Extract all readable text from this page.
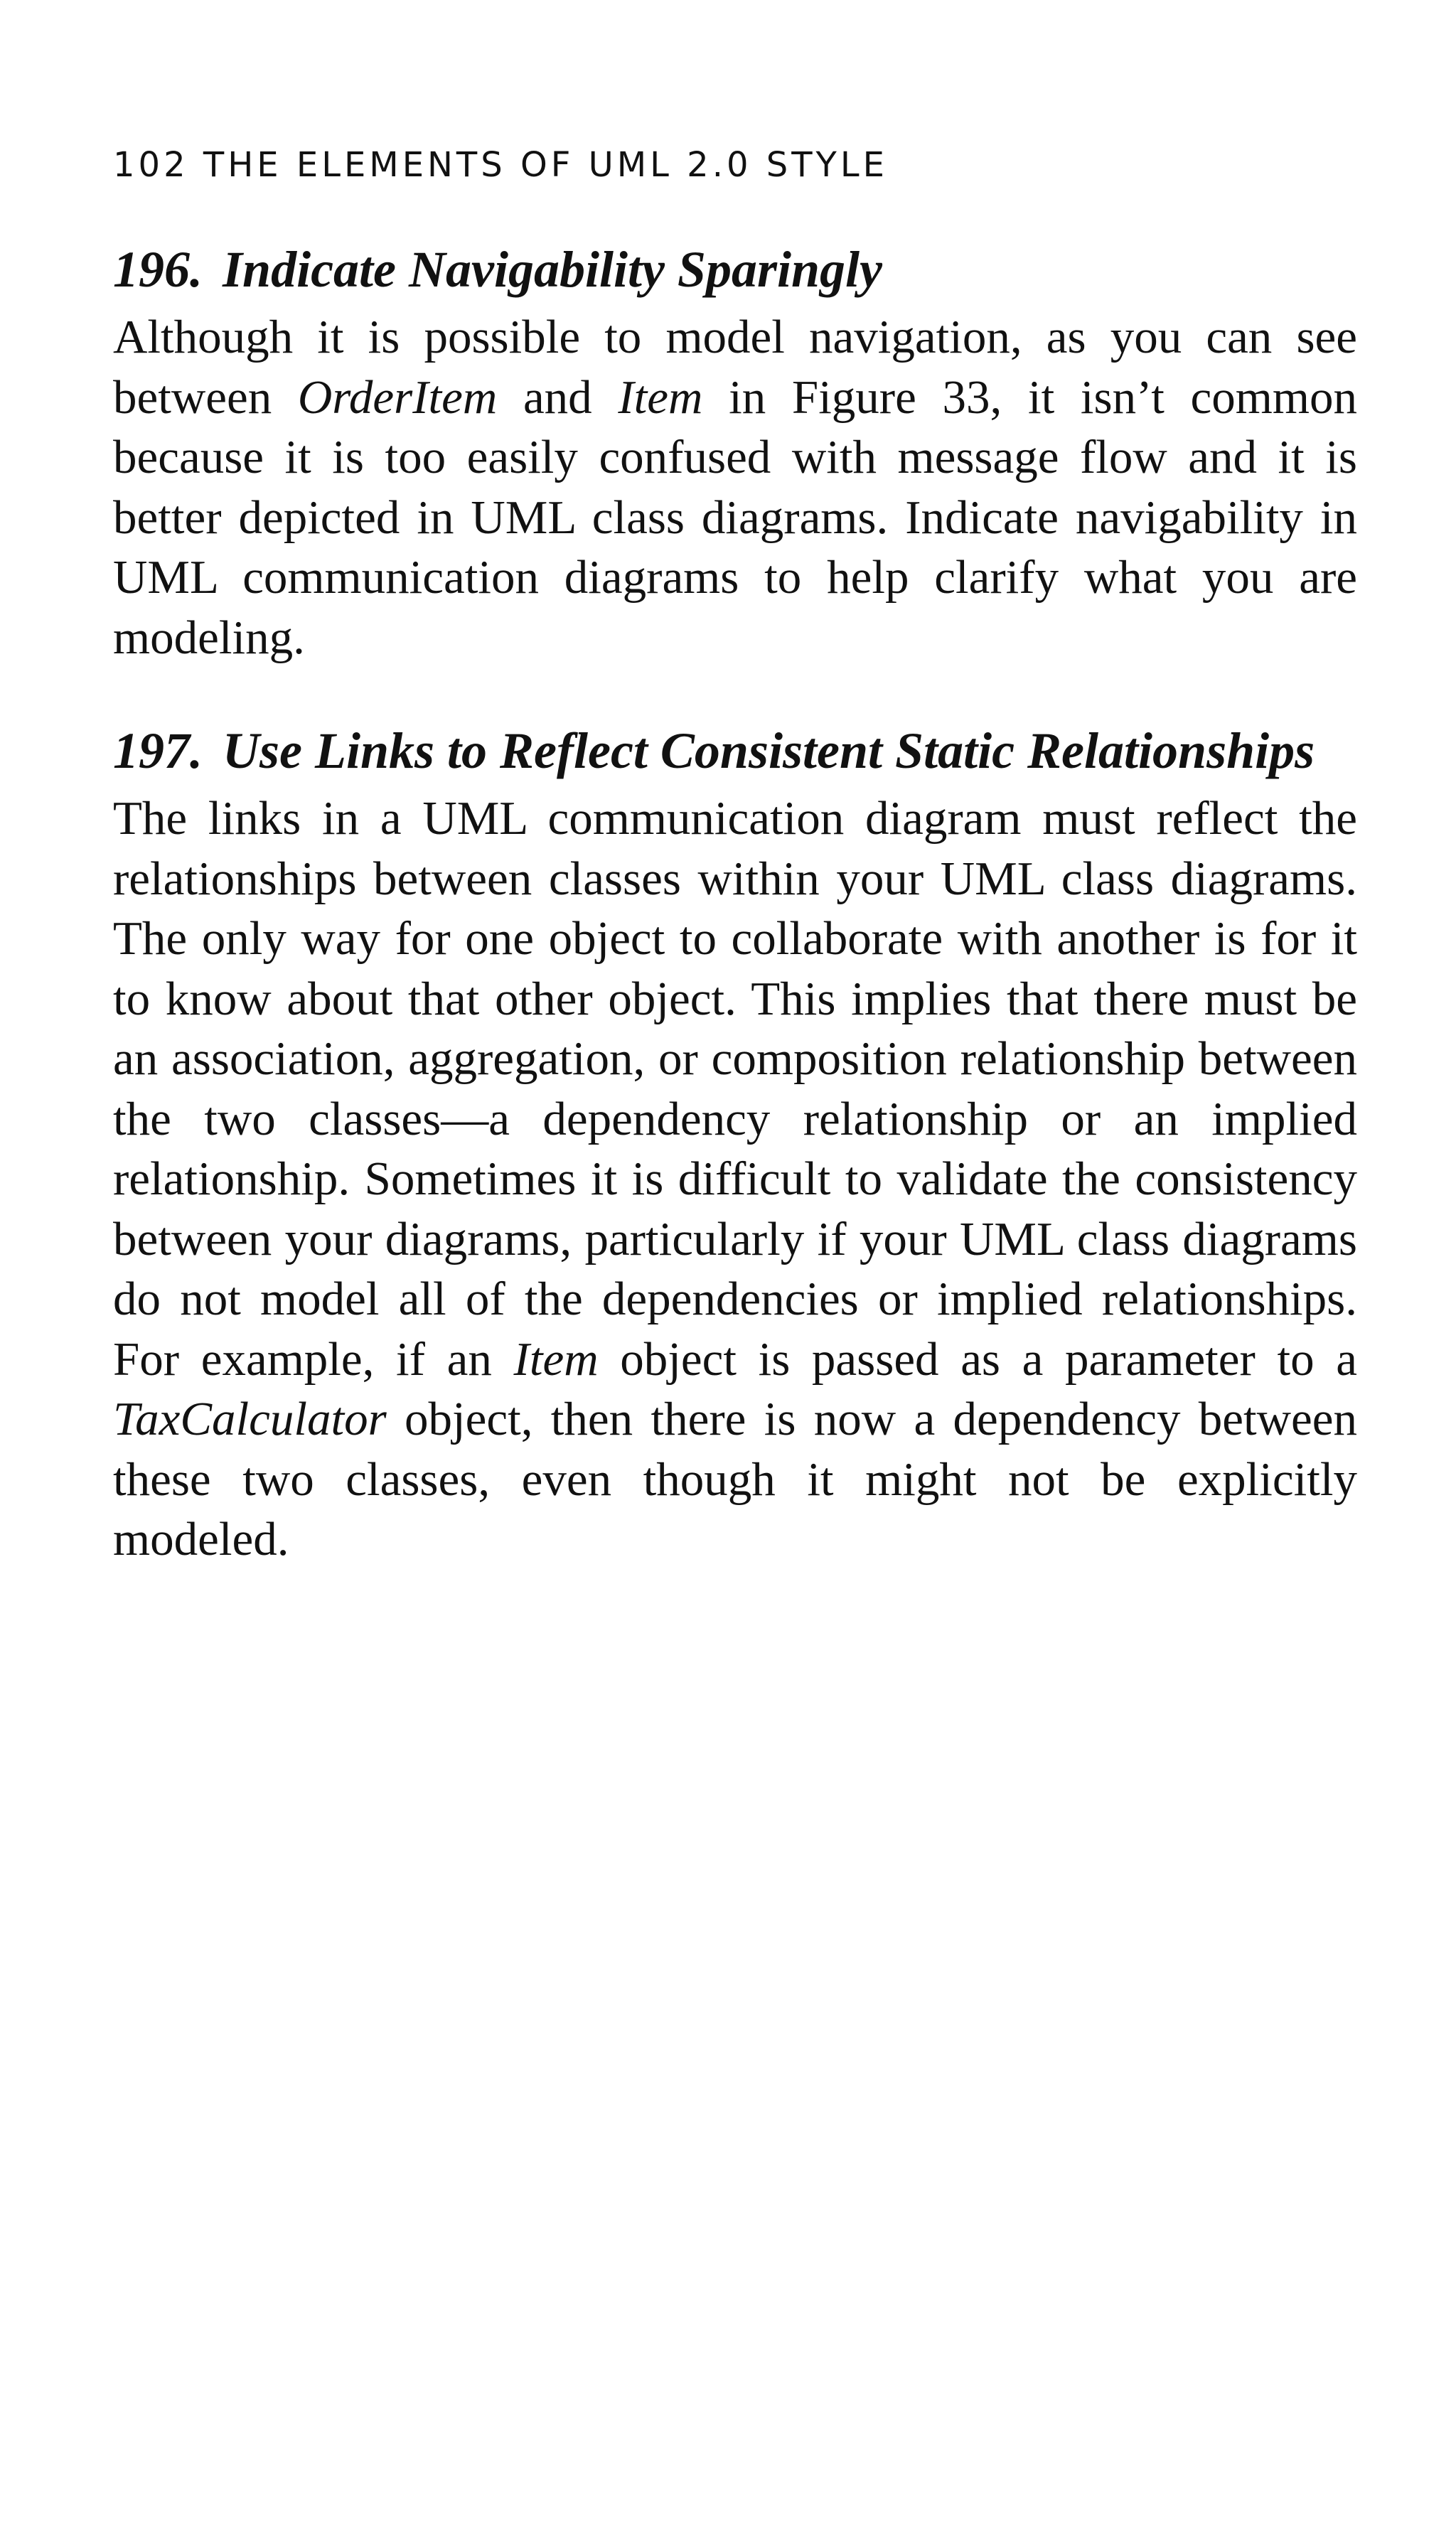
102 THE ELEMENTS OF UML 2.0 STYLE
196. Indicate Navigability Sparingly

Although it is possible to model navigation, as you can see between OrderItem and Item in Figure 33, it isn’t common because it is too easily confused with message flow and it is better depicted in UML class diagrams. Indicate navigability in UML communication diagrams to help clarify what you are modeling.

197. Use Links to Reflect Consistent Static Relationships

The links in a UML communication diagram must reflect the relationships between classes within your UML class diagrams. The only way for one object to collaborate with another is for it to know about that other object. This implies that there must be an association, aggregation, or composition relationship between the two classes—a dependency relationship or an implied relationship. Sometimes it is difficult to validate the consistency between your diagrams, particularly if your UML class diagrams do not model all of the dependencies or implied relationships. For example, if an Item object is passed as a parameter to a TaxCalculator object, then there is now a dependency between these two classes, even though it might not be explicitly modeled.
